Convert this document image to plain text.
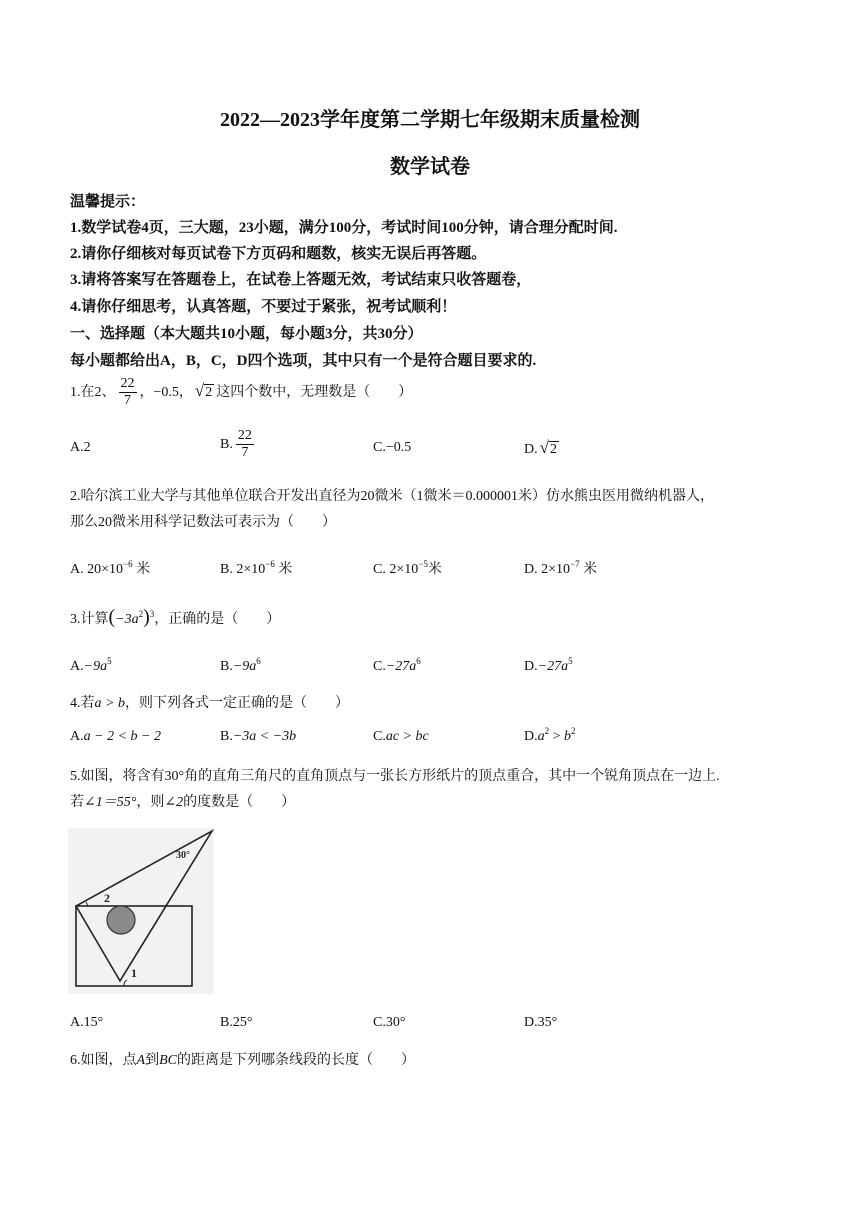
2022—2023学年度第二学期七年级期末质量检测
数学试卷
温馨提示：
1.数学试卷4页，三大题，23小题，满分100分，考试时间100分钟，请合理分配时间.
2.请你仔细核对每页试卷下方页码和题数，核实无误后再答题。
3.请将答案写在答题卷上，在试卷上答题无效，考试结束只收答题卷，
4.请你仔细思考，认真答题，不要过于紧张，祝考试顺利！
一、选择题（本大题共10小题，每小题3分，共30分）
每小题都给出A，B，C，D四个选项，其中只有一个是符合题目要求的.
1.在2、 $\frac{22}{7}$ ，−0.5， √2 这四个数中，无理数是（　　）
A.2	B. $\frac{22}{7}$	C.−0.5	D. √2
2.哈尔滨工业大学与其他单位联合开发出直径为20微米（1微米＝0.000001米）仿水熊虫医用微纳机器人，
那么20微米用科学记数法可表示为（　　）
A. $20\times 10^{-6}$ 米	B. $2\times 10^{-6}$ 米	C. $2\times 10^{-5}$米	D. $2\times 10^{-7}$ 米
3.计算$(-3a^2)^3$，正确的是（　　）
$A.-9a^5$	$B.-9a^6$	$C.-27a^6$	$D.-27a^5$
4.若a > b，则下列各式一定正确的是（　　）
A.a − 2 < b − 2	B.−3a < −3b	C.ac > bc	$D.a^2 > b^2$
5.如图，将含有30°角的直角三角尺的直角顶点与一张长方形纸片的顶点重合，其中一个锐角顶点在一边上.
若∠1＝55°，则∠2的度数是（　　）
30°
2
1
A.15°	B.25°	C.30°	D.35°
6.如图，点A到BC的距离是下列哪条线段的长度（　　）
